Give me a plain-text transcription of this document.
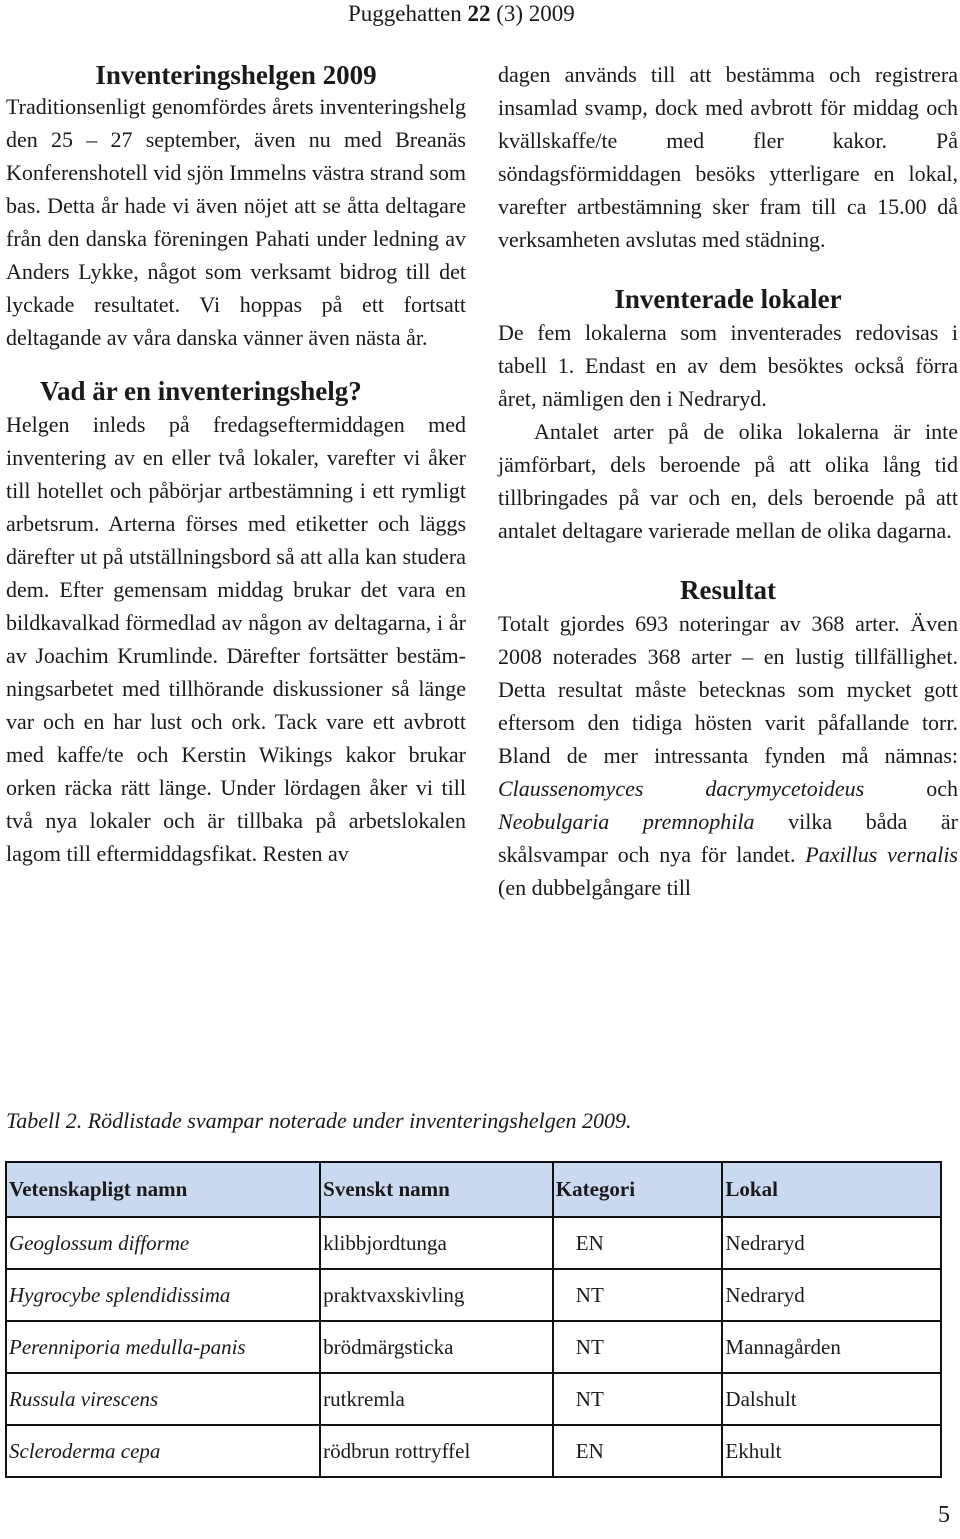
Puggehatten 22 (3) 2009
Inventeringshelgen 2009

Traditionsenligt genomfördes årets inventeringshelg den 25 – 27 september, även nu med Breanäs Konferenshotell vid sjön Immelns västra strand som bas. Detta år hade vi även nöjet att se åtta deltagare från den danska föreningen Pahati under ledning av Anders Lykke, något som verksamt bidrog till det lyckade resultatet. Vi hoppas på ett fortsatt deltagande av våra danska vänner även nästa år.

Vad är en inventeringshelg?

Helgen inleds på fredagseftermiddagen med inventering av en eller två lokaler, varefter vi åker till hotellet och påbörjar artbestämning i ett rymligt arbetsrum. Arterna förses med etiketter och läggs därefter ut på utställningsbord så att alla kan studera dem. Efter gemensam middag brukar det vara en bildkavalkad förmedlad av någon av deltagarna, i år av Joachim Krumlinde. Därefter fortsätter bestämningsarbetet med tillhörande diskussioner så länge var och en har lust och ork. Tack vare ett avbrott med kaffe/te och Kerstin Wikings kakor brukar orken räcka rätt länge. Under lördagen åker vi till två nya lokaler och är tillbaka på arbetslokalen lagom till eftermiddagsfikat. Resten av

dagen används till att bestämma och registrera insamlad svamp, dock med avbrott för middag och kvällskaffe/te med fler kakor. På söndagsförmiddagen besöks ytterligare en lokal, varefter artbestämning sker fram till ca 15.00 då verksamheten avslutas med städning.

Inventerade lokaler

De fem lokalerna som inventerades redovisas i tabell 1. Endast en av dem besöktes också förra året, nämligen den i Nedraryd.

Antalet arter på de olika lokalerna är inte jämförbart, dels beroende på att olika lång tid tillbringades på var och en, dels beroende på att antalet deltagare varierade mellan de olika dagarna.

Resultat

Totalt gjordes 693 noteringar av 368 arter. Även 2008 noterades 368 arter – en lustig tillfällighet. Detta resultat måste betecknas som mycket gott eftersom den tidiga hösten varit påfallande torr. Bland de mer intressanta fynden må nämnas: Claussenomyces dacrymycetoideus och Neobulgaria premnophila vilka båda är skålsvampar och nya för landet. Paxillus vernalis (en dubbelgångare till

Tabell 2. Rödlistade svampar noterade under inventeringshelgen 2009.
Vetenskapligt namn	Svenskt namn	Kategori	Lokal
Geoglossum difforme	klibbjordtunga	EN	Nedraryd
Hygrocybe splendidissima	praktvaxskivling	NT	Nedraryd
Perenniporia medulla-panis	brödmärgsticka	NT	Mannagården
Russula virescens	rutkremla	NT	Dalshult
Scleroderma cepa	rödbrun rottryffel	EN	Ekhult
5
